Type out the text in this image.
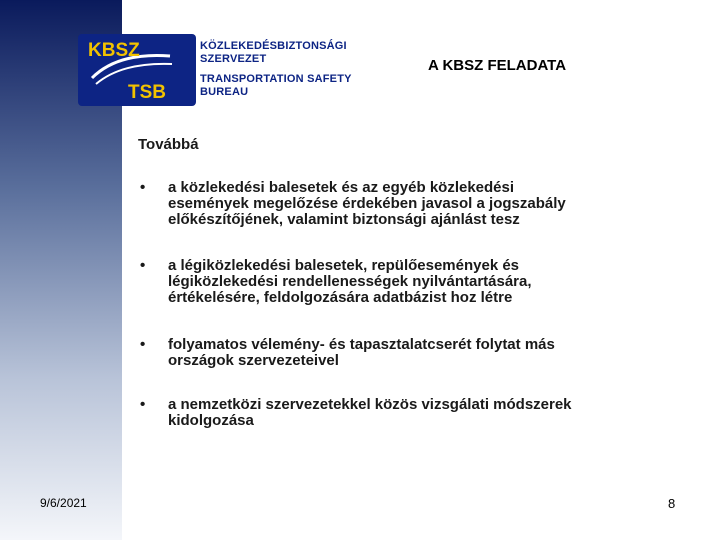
9/6/2021
KBSZ
TSB
KÖZLEKEDÉSBIZTONSÁGI
SZERVEZET
TRANSPORTATION SAFETY
BUREAU
A KBSZ FELADATA
Továbbá
• a közlekedési balesetek és az egyéb közlekedési
események megelőzése érdekében javasol a jogszabály
előkészítőjének, valamint biztonsági ajánlást tesz
• a légiközlekedési balesetek, repülőesemények és
légiközlekedési rendellenességek nyilvántartására,
értékelésére, feldolgozására adatbázist hoz létre
• folyamatos vélemény- és tapasztalatcserét folytat más
országok szervezeteivel
• a nemzetközi szervezetekkel közös vizsgálati módszerek
kidolgozása
8
